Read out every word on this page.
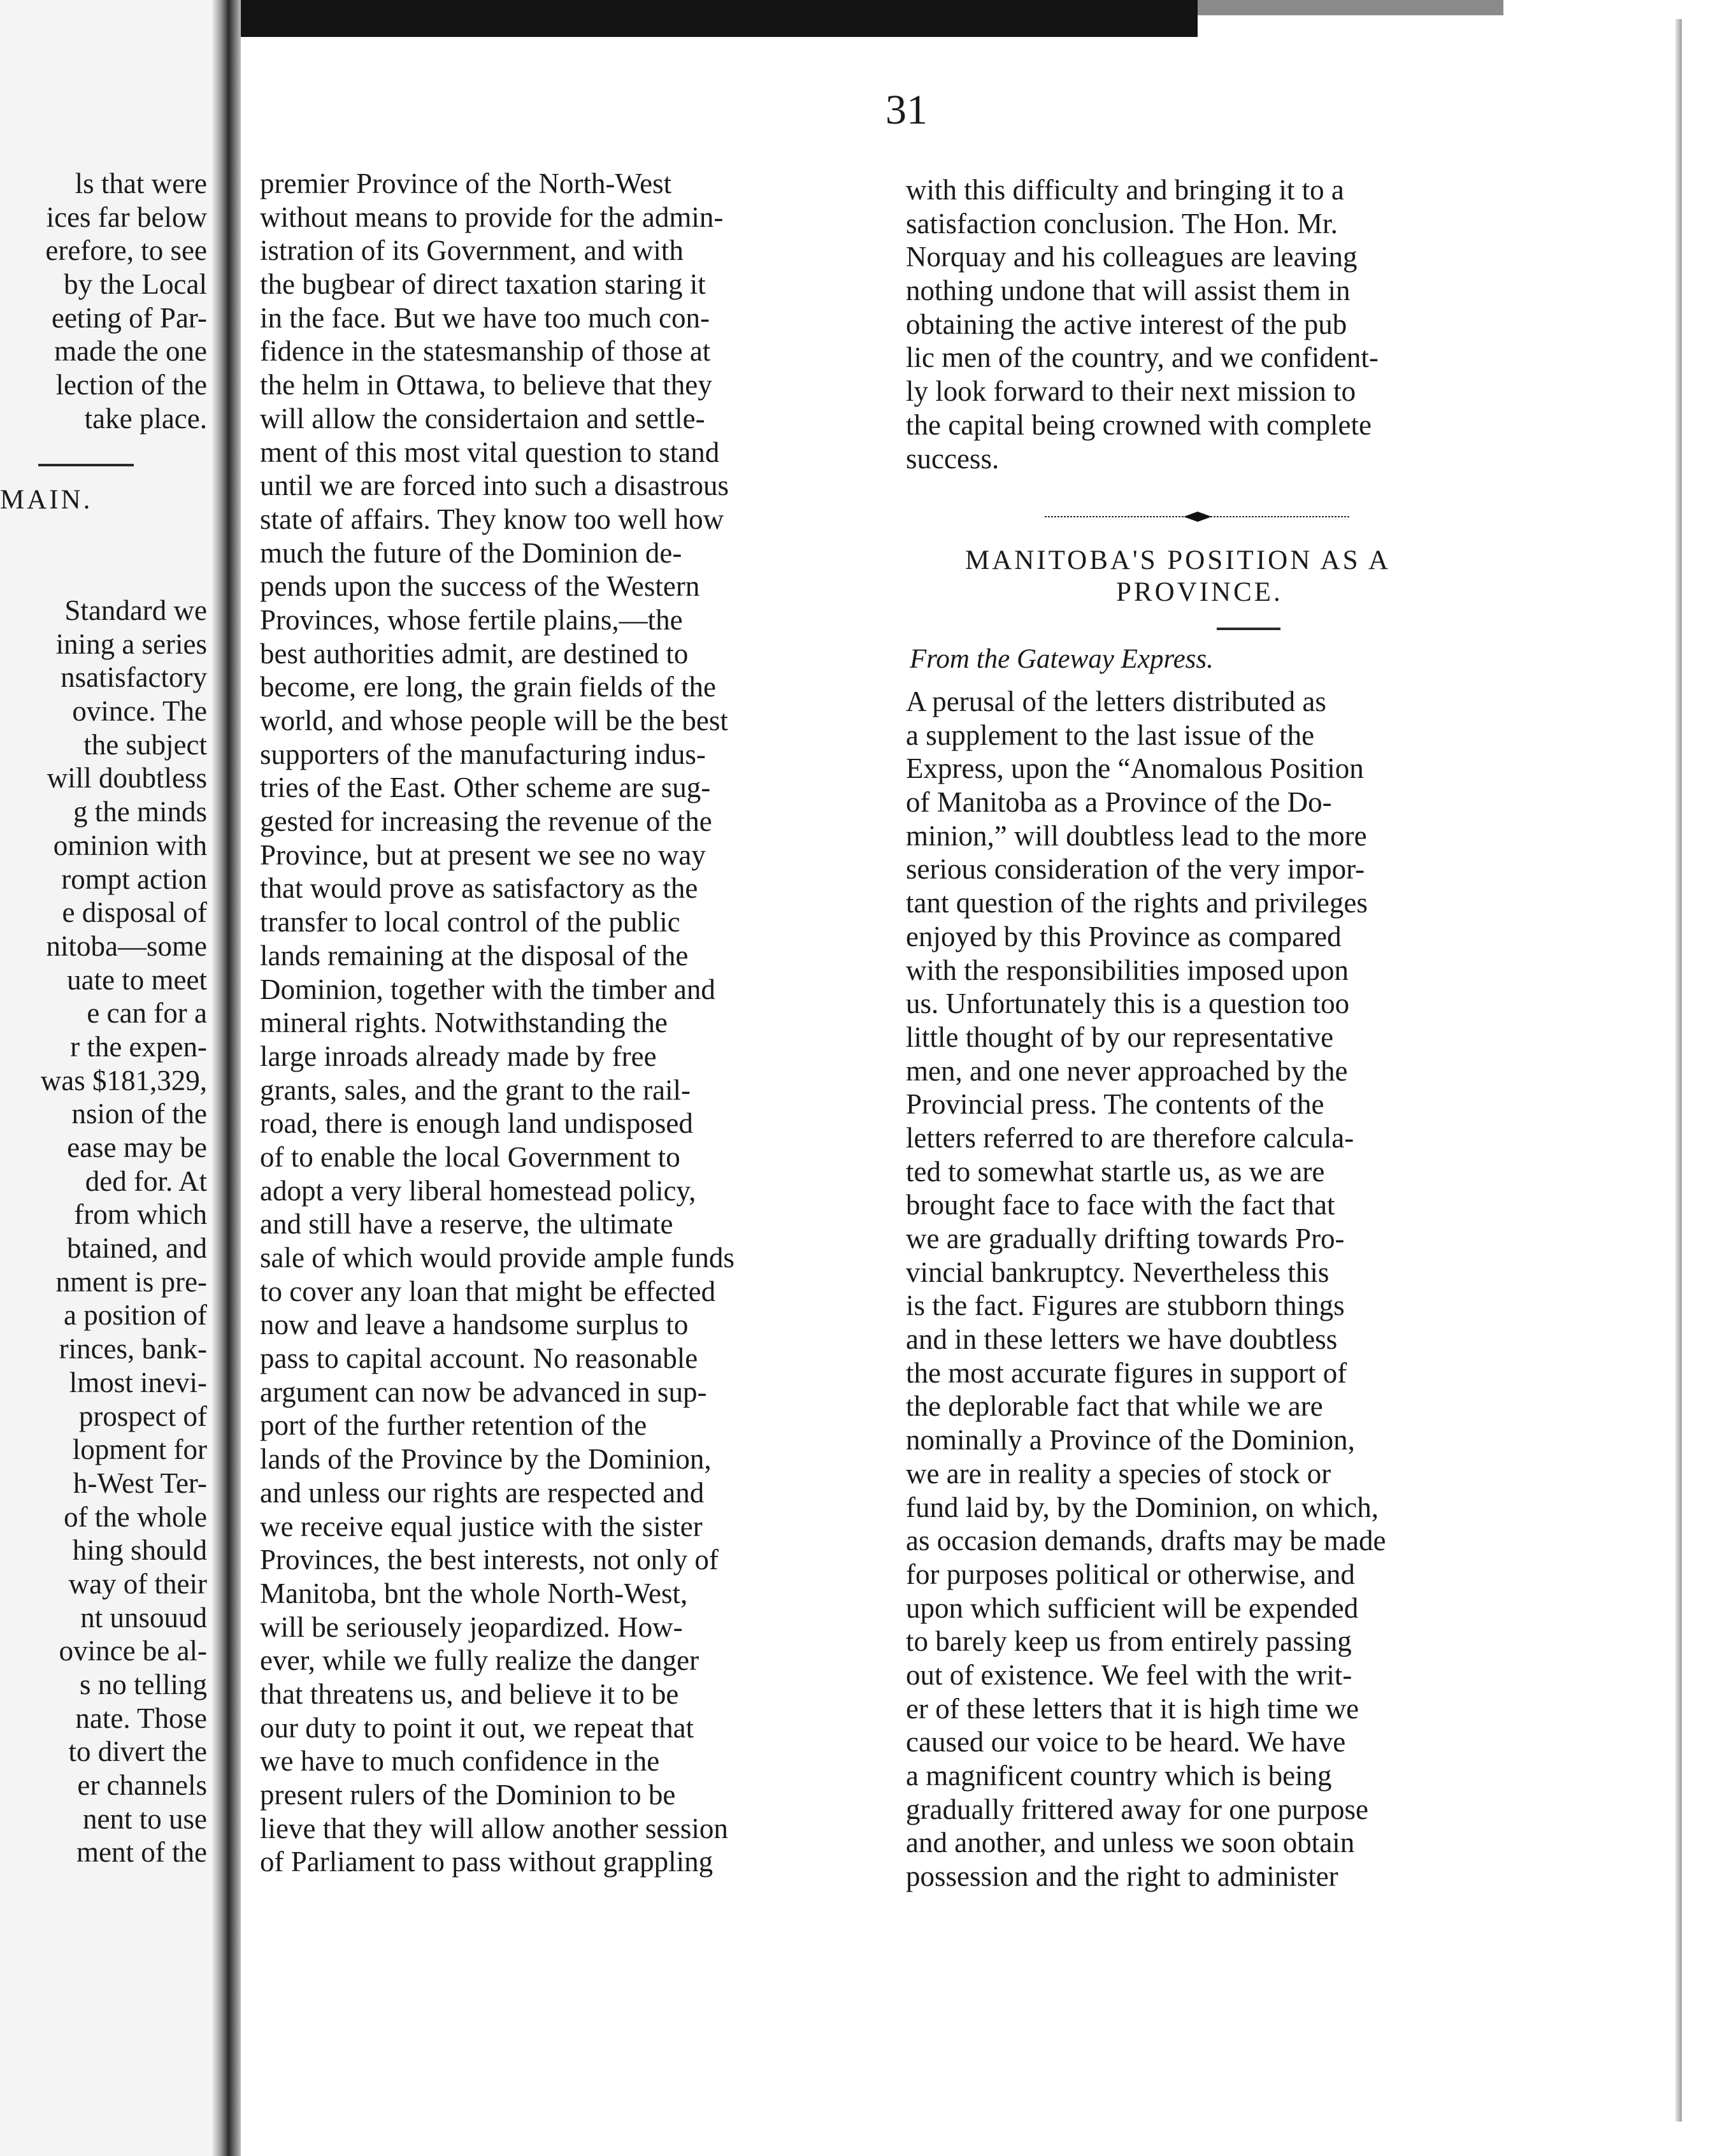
31
ls that were
ices far below
erefore, to see
by the Local
eeting of Par-
made the one
lection of the
take place.
MAIN.
Standard we
ining a series
nsatisfactory
ovince. The
the subject
will doubtless
g the minds
ominion with
rompt action
e disposal of
nitoba—some
uate to meet
e can for a
r the expen-
was $181,329,
nsion of the
ease may be
ded for. At
from which
btained, and
nment is pre-
a position of
rinces, bank-
lmost inevi-
prospect of
lopment for
h-West Ter-
of the whole
hing should
way of their
nt unsouud
ovince be al-
s no telling
nate. Those
to divert the
er channels
nent to use
ment of the
premier Province of the North-West
without means to provide for the admin-
istration of its Government, and with
the bugbear of direct taxation staring it
in the face. But we have too much con-
fidence in the statesmanship of those at
the helm in Ottawa, to believe that they
will allow the considertaion and settle-
ment of this most vital question to stand
until we are forced into such a disastrous
state of affairs. They know too well how
much the future of the Dominion de-
pends upon the success of the Western
Provinces, whose fertile plains,—the
best authorities admit, are destined to
become, ere long, the grain fields of the
world, and whose people will be the best
supporters of the manufacturing indus-
tries of the East. Other scheme are sug-
gested for increasing the revenue of the
Province, but at present we see no way
that would prove as satisfactory as the
transfer to local control of the public
lands remaining at the disposal of the
Dominion, together with the timber and
mineral rights. Notwithstanding the
large inroads already made by free
grants, sales, and the grant to the rail-
road, there is enough land undisposed
of to enable the local Government to
adopt a very liberal homestead policy,
and still have a reserve, the ultimate
sale of which would provide ample funds
to cover any loan that might be effected
now and leave a handsome surplus to
pass to capital account. No reasonable
argument can now be advanced in sup-
port of the further retention of the
lands of the Province by the Dominion,
and unless our rights are respected and
we receive equal justice with the sister
Provinces, the best interests, not only of
Manitoba, bnt the whole North-West,
will be seriousely jeopardized. How-
ever, while we fully realize the danger
that threatens us, and believe it to be
our duty to point it out, we repeat that
we have to much confidence in the
present rulers of the Dominion to be
lieve that they will allow another session
of Parliament to pass without grappling
with this difficulty and bringing it to a
satisfaction conclusion. The Hon. Mr.
Norquay and his colleagues are leaving
nothing undone that will assist them in
obtaining the active interest of the pub
lic men of the country, and we confident-
ly look forward to their next mission to
the capital being crowned with complete
success.
MANITOBA'S POSITION AS A
PROVINCE.
From the Gateway Express.
A perusal of the letters distributed as
a supplement to the last issue of the
Express, upon the “Anomalous Position
of Manitoba as a Province of the Do-
minion,” will doubtless lead to the more
serious consideration of the very impor-
tant question of the rights and privileges
enjoyed by this Province as compared
with the responsibilities imposed upon
us. Unfortunately this is a question too
little thought of by our representative
men, and one never approached by the
Provincial press. The contents of the
letters referred to are therefore calcula-
ted to somewhat startle us, as we are
brought face to face with the fact that
we are gradually drifting towards Pro-
vincial bankruptcy. Nevertheless this
is the fact. Figures are stubborn things
and in these letters we have doubtless
the most accurate figures in support of
the deplorable fact that while we are
nominally a Province of the Dominion,
we are in reality a species of stock or
fund laid by, by the Dominion, on which,
as occasion demands, drafts may be made
for purposes political or otherwise, and
upon which sufficient will be expended
to barely keep us from entirely passing
out of existence. We feel with the writ-
er of these letters that it is high time we
caused our voice to be heard. We have
a magnificent country which is being
gradually frittered away for one purpose
and another, and unless we soon obtain
possession and the right to administer
